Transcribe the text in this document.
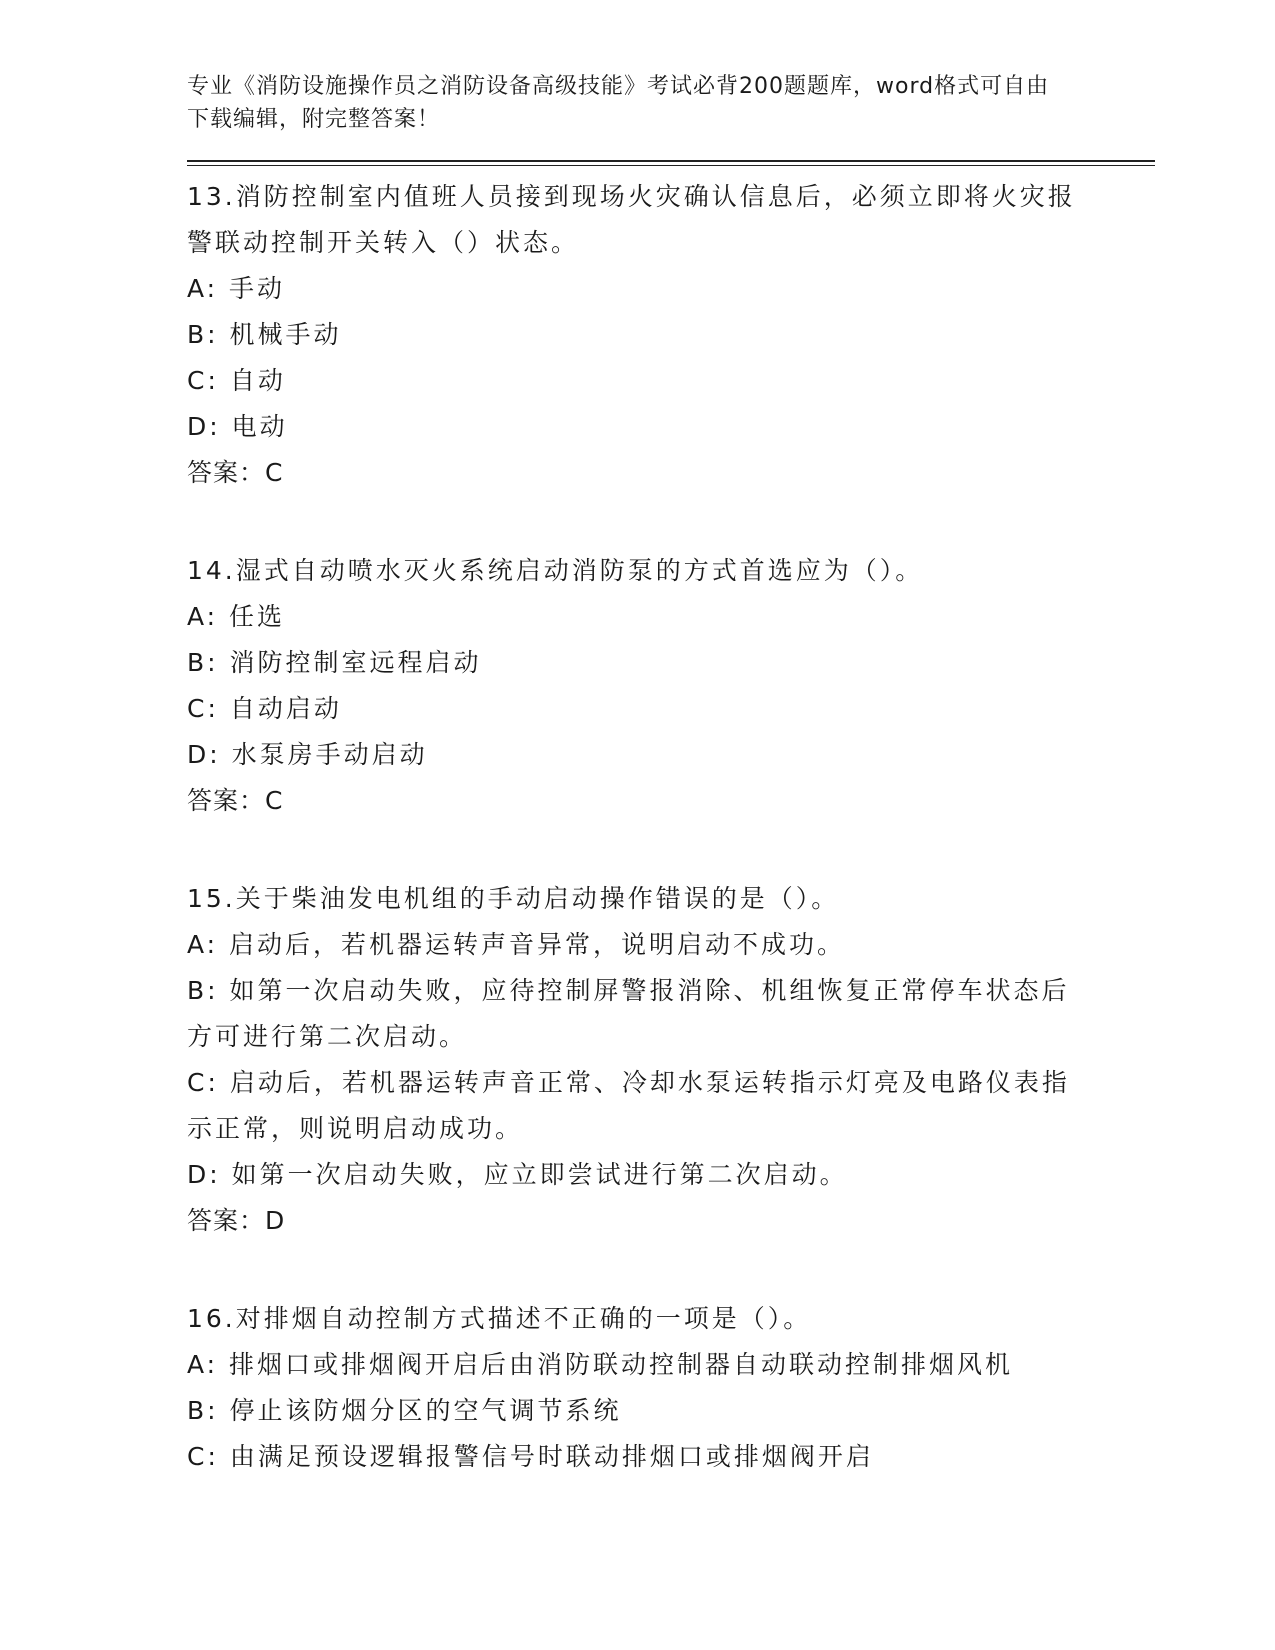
专业《消防设施操作员之消防设备高级技能》考试必背200题题库，word格式可自由下载编辑，附完整答案！
13.消防控制室内值班人员接到现场火灾确认信息后，必须立即将火灾报警联动控制开关转入（）状态。
A: 手动
B: 机械手动
C: 自动
D: 电动
答案：C
14.湿式自动喷水灭火系统启动消防泵的方式首选应为（）。
A: 任选
B: 消防控制室远程启动
C: 自动启动
D: 水泵房手动启动
答案：C
15.关于柴油发电机组的手动启动操作错误的是（）。
A: 启动后，若机器运转声音异常，说明启动不成功。
B: 如第一次启动失败，应待控制屏警报消除、机组恢复正常停车状态后方可进行第二次启动。
C: 启动后，若机器运转声音正常、冷却水泵运转指示灯亮及电路仪表指示正常，则说明启动成功。
D: 如第一次启动失败，应立即尝试进行第二次启动。
答案：D
16.对排烟自动控制方式描述不正确的一项是（）。
A: 排烟口或排烟阀开启后由消防联动控制器自动联动控制排烟风机
B: 停止该防烟分区的空气调节系统
C: 由满足预设逻辑报警信号时联动排烟口或排烟阀开启
